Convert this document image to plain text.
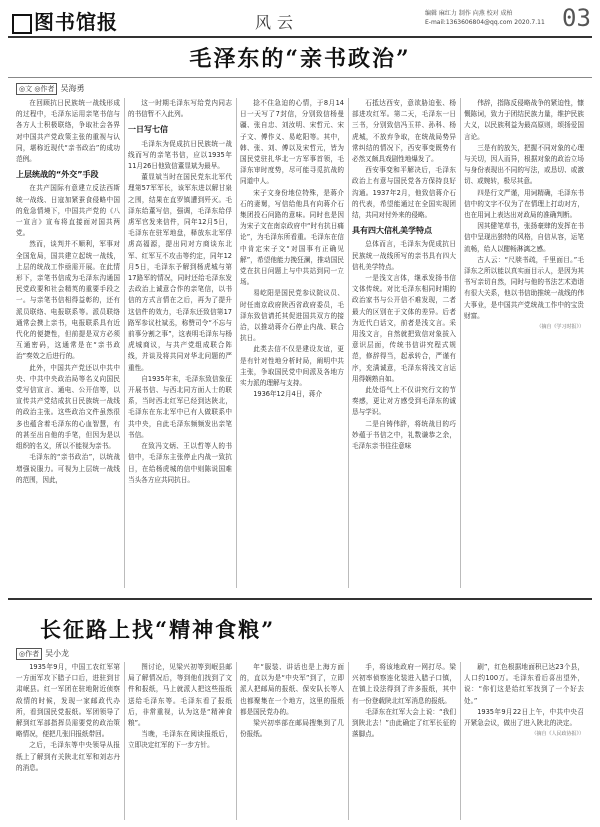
图书馆报	风云	编辑 麻红力 制作 向燕 校对 成柏
E-mail:1363606804@qq.com 2020.7.11 03
毛泽东的“亲书政治”
◎文 ◎作者 吴海勇

在回顾抗日民族统一战线形成的过程中，毛泽东运用亲笔书信与各方人士积极联络，争取社会各界对中国共产党政策主张的重视与认同，堪称近现代“亲书政治”的成功范例。

上层统战的“外交”手段

在共产国际有意建立反法西斯统一战线、日寇加紧蚕食侵略中国的危急情境下，中国共产党的《八一宣言》宣布将直接面对国共两党。

然而，谈判并不顺利，军事对全国危局，国共建立起统一战线，上层的统战工作亟需开展。在此情形下，亲笔书信成为毛泽东沟通国民党政要和社会精英的重要手段之一。与亲笔书信相得益彰的，还有派员联络、电报联系等。派员联络通常会携上亲书，电报联系具有近代化的便捷性，但前提是双方必须互通密码，这通常是在“亲书政治”奏效之后进行的。

此外，中国共产党还以中共中央、中共中央政治局等名义向国民党写信宣言、通电、公开信等，以宣传共产党结成抗日民族统一战线的政治主张。这些政治文件虽然很多也蕴含着毛泽东的心血智慧，有的甚至出自他的手笔，但因为是以组织的名义，所以不能视为亲书。

毛泽东的“亲书政治”，以统战增强说服力。可视为上层统一战线的范围，因此，

这一时期毛泽东写给党内同志的书信暂不入此列。

一日写七信

毛泽东为促成抗日民族统一战线而写的亲笔书信，应以1935年11月26日他致信董显斌为最早。

董显斌当时在国民党东北军代理第57军军长，该军东进以解甘泉之围，结果在直罗镇遭到歼灭。毛泽东给董写信，强调，毛泽东给俘虏军官发来信件，同年12月5日，毛泽东在驻军地盘，释放东北军俘虏高福源，提出同对方商谈东北军、红军互不攻击等约定，同年12月5日，毛泽东予解到杨虎城与第17路军的情况，同时还给毛泽东发去政治上诚意合作的亲笔信，以书信的方式言情在之后，再为了提升这信件的效力，毛泽东还致信第17路军参议杜斌丞，称赞司令“不忘与前事分割之事”，这表明毛泽东与杨虎城商议，与共产党组成联合阵线，并谈及将共同对华北问题的严重性。

自1935年末，毛泽东致信象征开展书信、与西北同方面人士的联系，当时西北红军已经到达陕北，毛泽东在东北军中已有人做联系中共中央，自此毛泽东频频发出亲笔书信。

在致冯文炳、王以哲等人的书信中，毛泽东主张停止内战一致抗日，在给杨虎城的信中则陈说国难当头各方应共同抗日。

捻不住急迫的心情，于8月14日一天写了7封信，分别致信杨曼疆、张自忠、刘汝明、宋哲元、宋子文、傅作义、易屹阳等。其中，韩、张、刘、傅以及宋哲元，皆为国民党驻扎华北一方军事首领，毛泽东审时度势，尽可能寻觅抗战的同道中人。

宋子文身份地位特殊，是蒋介石的妻舅，写信给他具有向蒋介石集团投石问路的意味。同时也是因为宋子文在南京政府中“时有抗日痛论”，为毛泽东所看重。毛泽东在信中肯定宋子文“对国事有正确见解”，希望他能力挽狂澜，推动国民党在抗日问题上与中共站到同一立场。

易屹阳是国民党参议院议员、时任南京政府陕西省政府委员，毛泽东致信请托其促进国共双方的接洽，以推动蒋介石停止内战、联合抗日。

此类去信不仅是建设友谊，更是有针对性地分析时局，阐明中共主张，争取国民党中间派及各地方实力派的理解与支持。

1936年12月4日，蒋介

石抵达西安，意欲胁迫张、杨部进攻红军。第二天，毛泽东一日三书，分别致信冯玉祥、孙科、杨虎城，不放弃争取，在统战局势异常纠结的情况下，西安事变既势有必然又颇具戏剧性地爆发了。

西安事变和平解决后，毛泽东政治上有意与国民党各方保持良好沟通。1937年2月，他致信蒋介石的代表，希望能通过在全国实现团结，共同对付外来的侵略。

具有四大信札美学特点

总体而言，毛泽东为促成抗日民族统一战线所写的亲书具有四大信札美学特点。

一是浅文言体，继承发扬书信文体传统。对比毛泽东相同时期的政治家书与公开信不难发现，二者最大的区别在于文体的差异。后者为近代白话文，前者是浅文言。采用浅文言，自然就把致信对象拔入意识层面，传统书信讲究程式规范，修辞得当，起承转合，严谨有序，充满诚意，毛泽东将浅文言运用得娴熟自如。

此处语气上不仅讲究行文的节奏感，更让对方感受到毛泽东的诚恳与学识。

二是自铸伟辞，将统战目的巧妙蕴于书信之中，礼数谦恭之余，毛泽东亲书往往意味

伟辞，指陈反侵略战争的紧迫性，慷慨陈词，致力于团结民族力量，维护民族大义，以民族利益为最高原则，颂扬爱国言论。

三是有的放矢，把握不同对象的心理与关切，因人而异，根据对象的政治立场与身份表现出不同的写法，或恳切、或激切、或婉转，极尽其意。

四是行文严谨，用词精确，毛泽东书信中的文字不仅为了在情理上打动对方，也在用词上表达出对政局的准确判断。

因其健笔草书，张扬豪肆的发挥在书信中呈现出独特的风格，自信从容，运笔流畅，给人以酣畅淋漓之感。

古人云：“尺牍书疏，千里面目。”毛泽东之所以能以真实面目示人，是因为其书写亲切自然，同时与他的书法艺术造诣有很大关系，他以书信助推统一战线的伟大事业，是中国共产党统战工作中的宝贵财富。

（摘自《学习时报》）
长征路上找“精神食粮”
◎作者 吴小龙

1935年9月，中国工农红军第一方面军攻下腊子口后，进驻到甘肃岷县。红一军团在驻地附近侦察敌情的时候，发现一家邮政代办所，看到国民党报纸。军团领导了解到红军部指挥员需要党的政治策略情况，便把几张旧报纸带回。

之后，毛泽东等中央领导从报纸上了解到有关陕北红军和刘志丹的消息。

图讨论，见梁兴初等到岷县邮局了解情况后，等到他们找到了文件和报纸，马上就派人把这些报纸送给毛泽东等。毛泽东看了报纸后，非常重视，认为这是“精神食粮”。

当晚，毛泽东在阅读报纸后，立即决定红军的下一步方针。

年“服装、讲话也是上海方面的，直以为是“中央军”到了，立即派人把邮局的报纸、保安队长等人也都聚集在一个地方，这里的报纸都是国民党办的。

梁兴初率部在邮局搜集到了几份报纸。

手，将该地政府一网打尽。梁兴初率侦察连化装进入腊子口镇，在镇上设法得到了许多报纸，其中有一份登载陕北红军消息的报纸。

毛泽东在红军大会上说：“我们到陕北去！”由此确定了红军长征的落脚点。

刷”，红色根据地面积已达23个县，人口约100万。毛泽东看后喜出望外，说：“你们这是给红军找到了一个好去处。”

1935年9月22日上午，中共中央召开紧急会议，做出了进入陕北的决定。

（摘自《人民政协报》）
